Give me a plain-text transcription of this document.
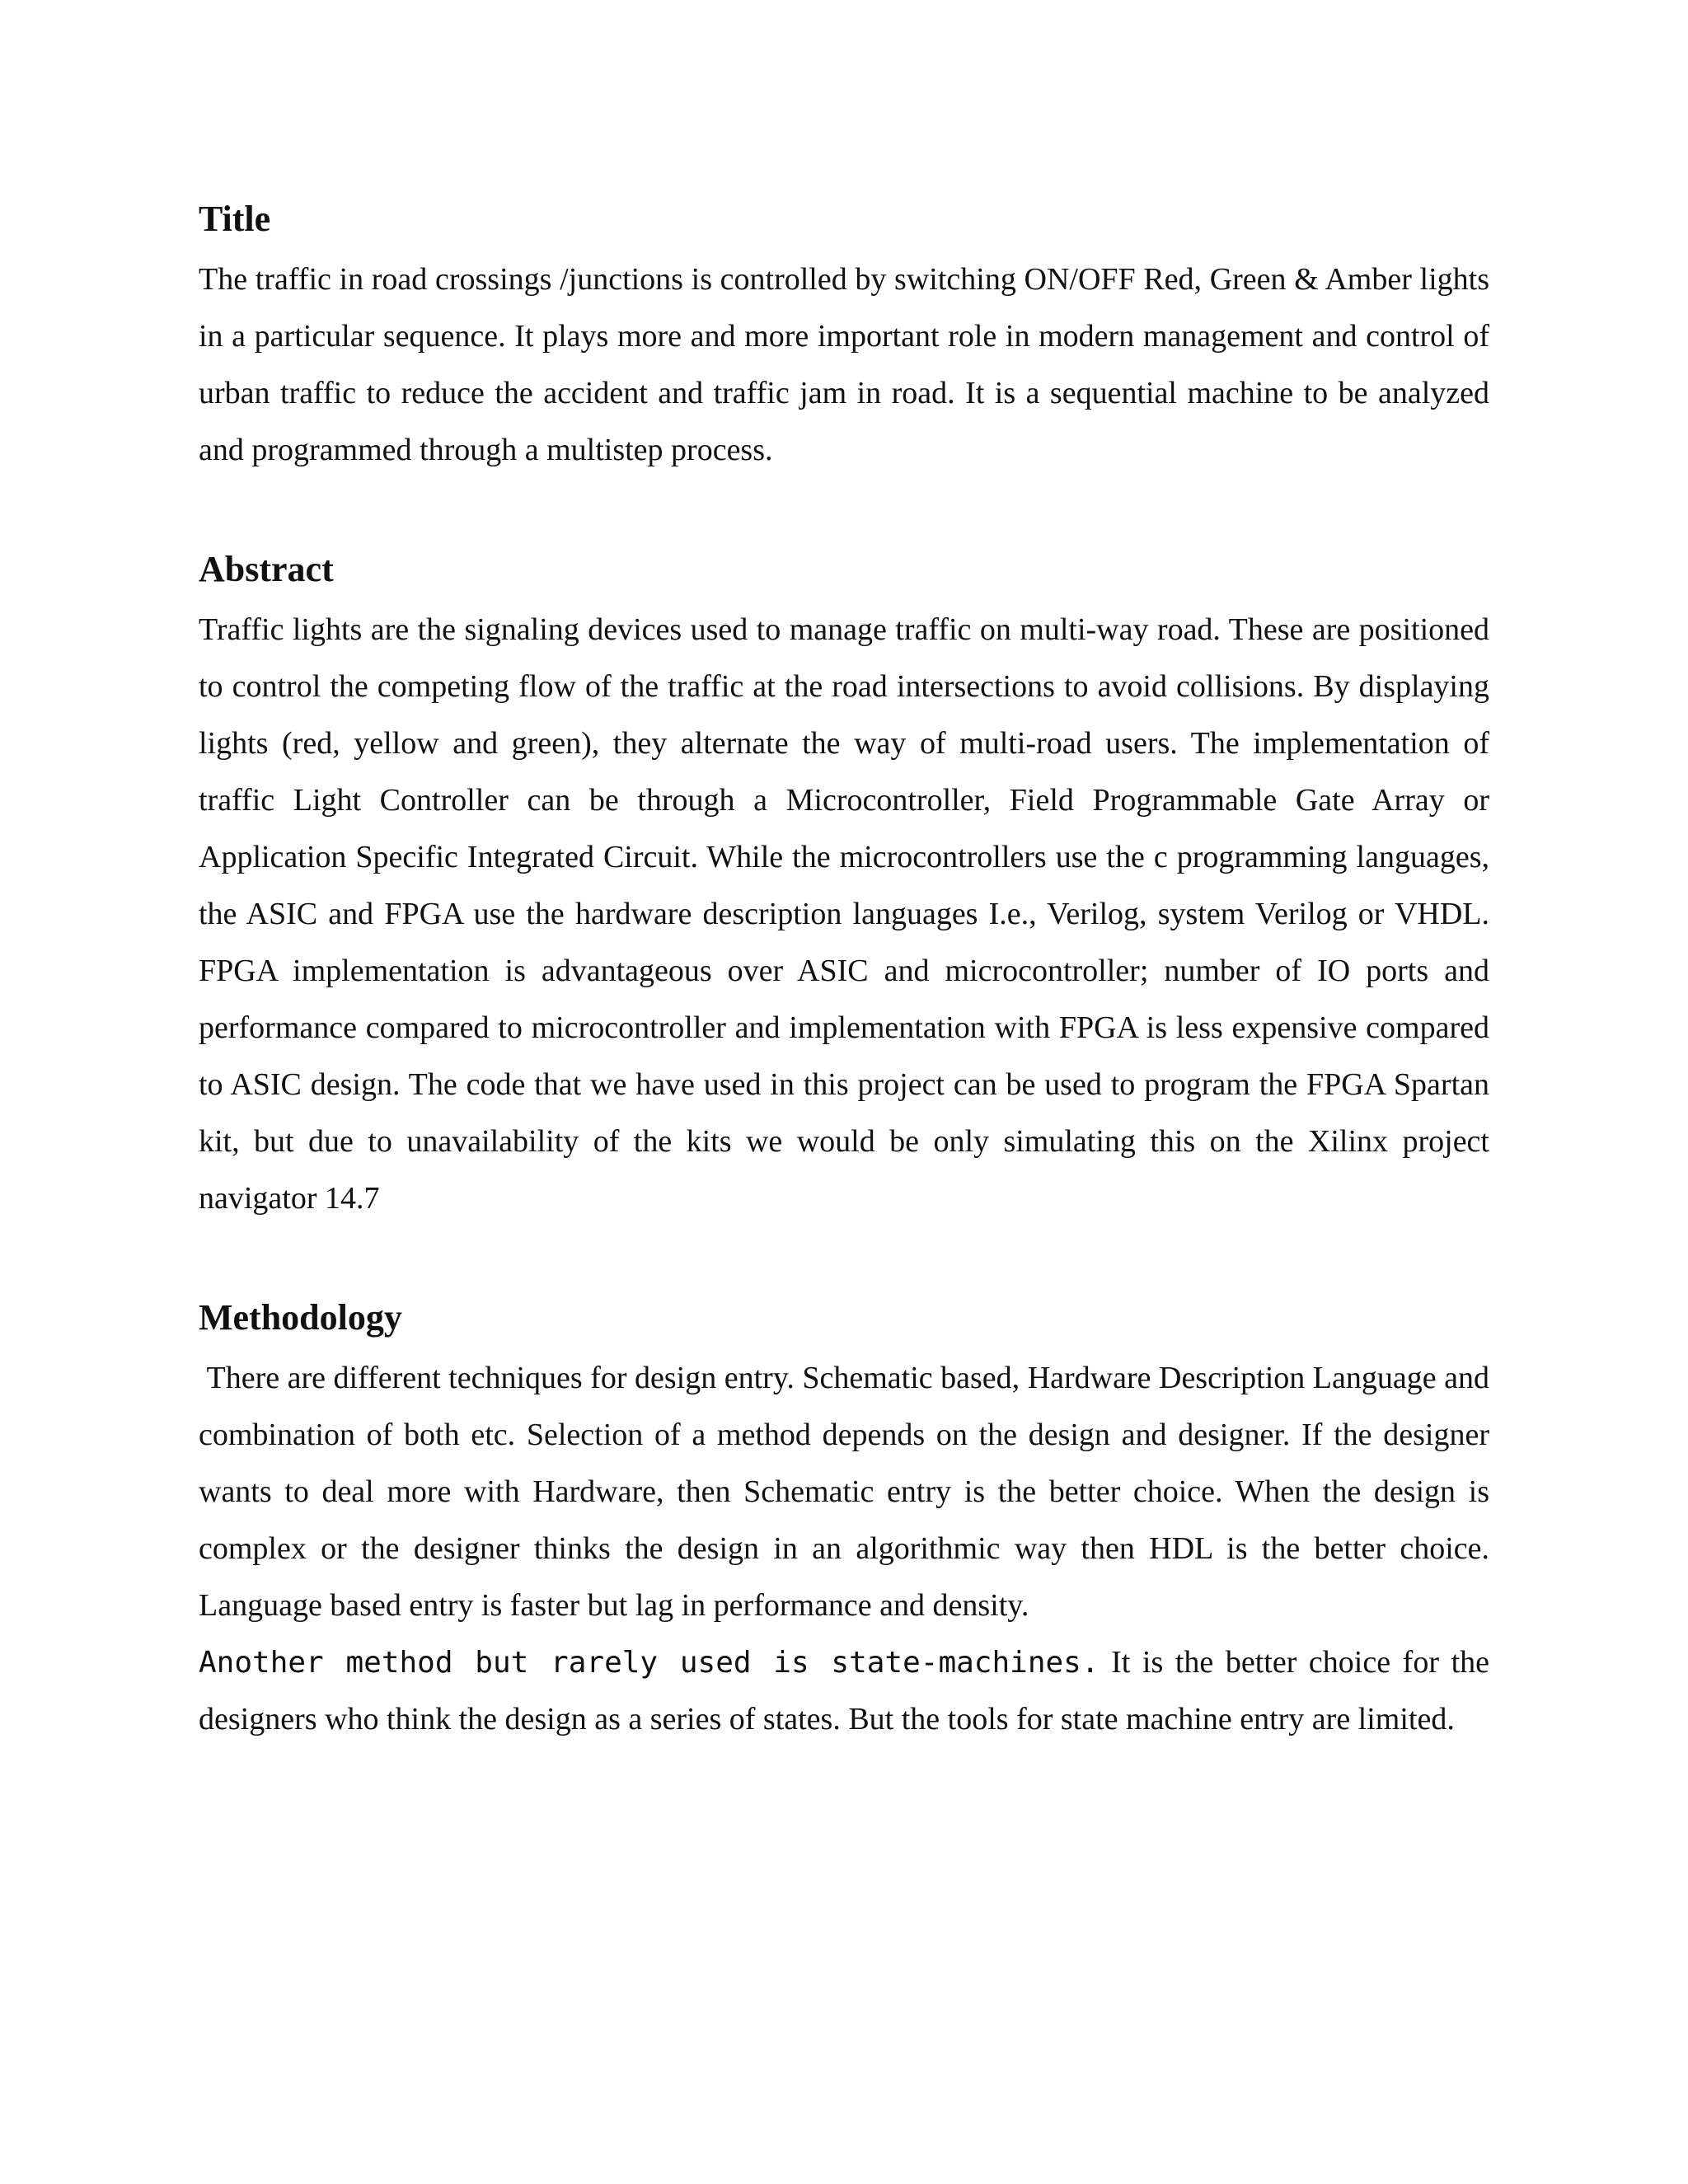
Title

The traffic in road crossings /junctions is controlled by switching ON/OFF Red, Green & Amber lights in a particular sequence. It plays more and more important role in modern management and control of urban traffic to reduce the accident and traffic jam in road. It is a sequential machine to be analyzed and programmed through a multistep process.

Abstract

Traffic lights are the signaling devices used to manage traffic on multi-way road. These are positioned to control the competing flow of the traffic at the road intersections to avoid collisions. By displaying lights (red, yellow and green), they alternate the way of multi-road users. The implementation of traffic Light Controller can be through a Microcontroller, Field Programmable Gate Array or Application Specific Integrated Circuit. While the microcontrollers use the c programming languages, the ASIC and FPGA use the hardware description languages I.e., Verilog, system Verilog or VHDL. FPGA implementation is advantageous over ASIC and microcontroller; number of IO ports and performance compared to microcontroller and implementation with FPGA is less expensive compared to ASIC design. The code that we have used in this project can be used to program the FPGA Spartan kit, but due to unavailability of the kits we would be only simulating this on the Xilinx project navigator 14.7

Methodology

There are different techniques for design entry. Schematic based, Hardware Description Language and combination of both etc. Selection of a method depends on the design and designer. If the designer wants to deal more with Hardware, then Schematic entry is the better choice. When the design is complex or the designer thinks the design in an algorithmic way then HDL is the better choice. Language based entry is faster but lag in performance and density.

Another method but rarely used is state-machines. It is the better choice for the designers who think the design as a series of states. But the tools for state machine entry are limited.
